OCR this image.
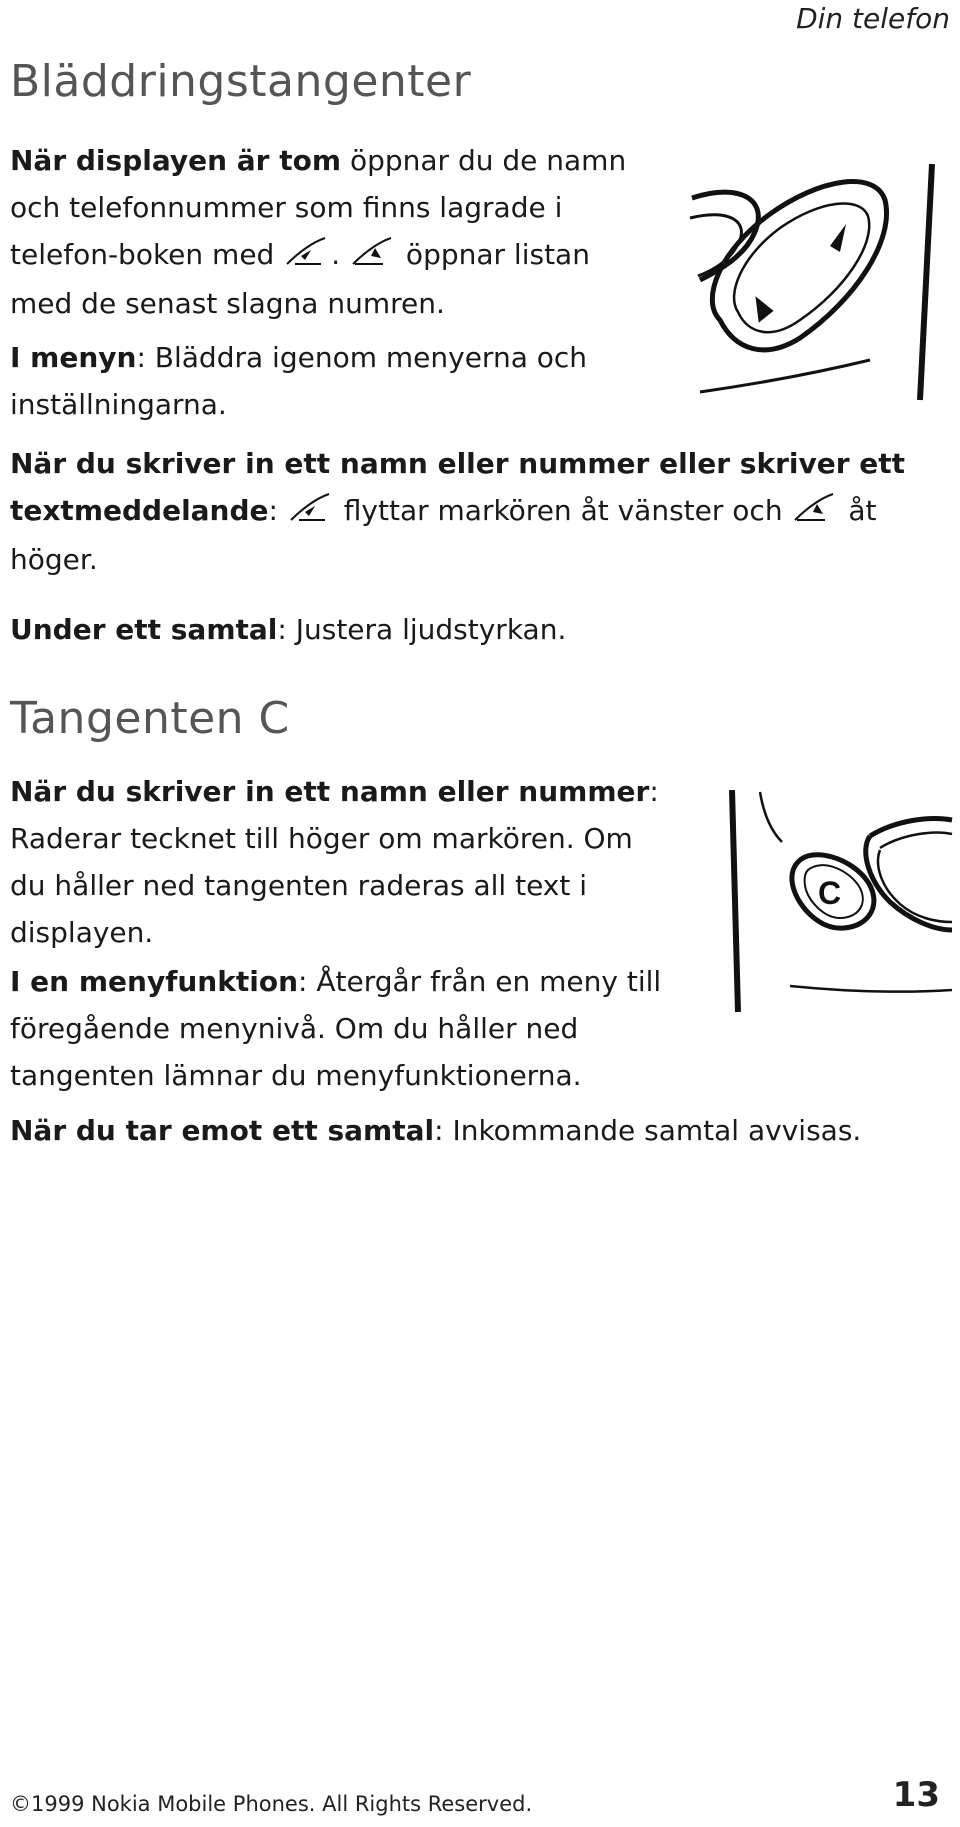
Din telefon
Bläddringstangenter

När displayen är tom öppnar du de namn och telefonnummer som finns lagrade i telefon-boken med .  öppnar listan med de senast slagna numren.

I menyn: Bläddra igenom menyerna och inställningarna.

När du skriver in ett namn eller nummer eller skriver ett textmeddelande:  flyttar markören åt vänster och  åt höger.

Under ett samtal: Justera ljudstyrkan.

Tangenten C
C

När du skriver in ett namn eller nummer: Raderar tecknet till höger om markören. Om du håller ned tangenten raderas all text i displayen.

I en menyfunktion: Återgår från en meny till föregående menynivå. Om du håller ned tangenten lämnar du menyfunktionerna.

När du tar emot ett samtal: Inkommande samtal avvisas.

©1999 Nokia Mobile Phones. All Rights Reserved.	13
